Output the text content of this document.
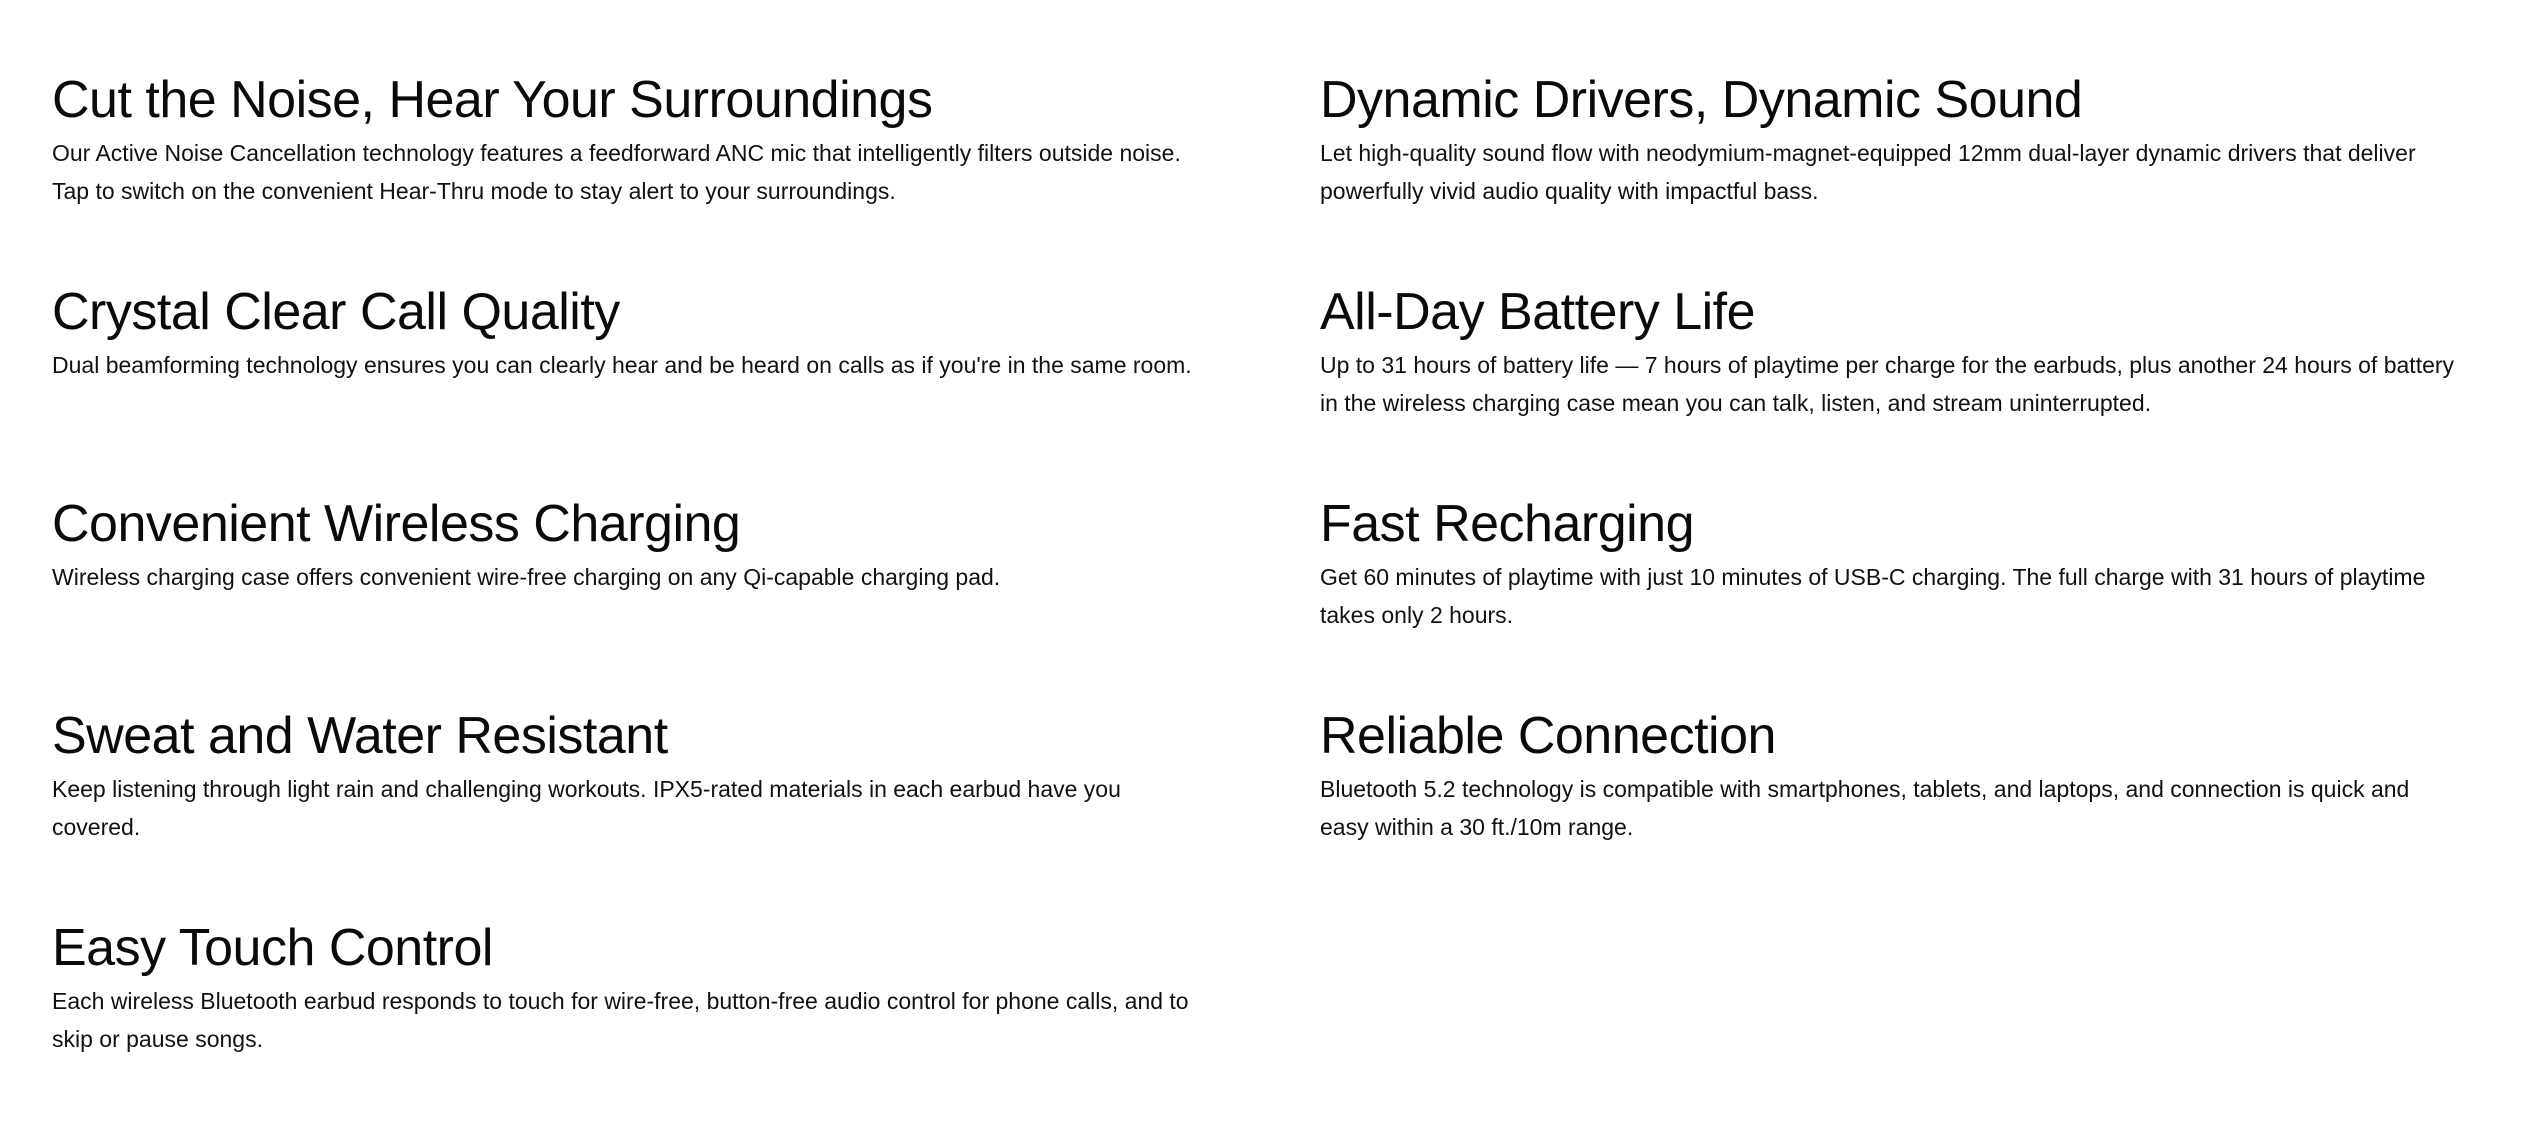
Cut the Noise, Hear Your Surroundings

Our Active Noise Cancellation technology features a feedforward ANC mic that intelligently filters outside noise. Tap to switch on the convenient Hear-Thru mode to stay alert to your surroundings.

Dynamic Drivers, Dynamic Sound

Let high-quality sound flow with neodymium-magnet-equipped 12mm dual-layer dynamic drivers that deliver powerfully vivid audio quality with impactful bass.

Crystal Clear Call Quality

Dual beamforming technology ensures you can clearly hear and be heard on calls as if you're in the same room.

All-Day Battery Life

Up to 31 hours of battery life — 7 hours of playtime per charge for the earbuds, plus another 24 hours of battery in the wireless charging case mean you can talk, listen, and stream uninterrupted.

Convenient Wireless Charging

Wireless charging case offers convenient wire-free charging on any Qi-capable charging pad.

Fast Recharging

Get 60 minutes of playtime with just 10 minutes of USB-C charging. The full charge with 31 hours of playtime takes only 2 hours.

Sweat and Water Resistant

Keep listening through light rain and challenging workouts. IPX5-rated materials in each earbud have you covered.

Reliable Connection

Bluetooth 5.2 technology is compatible with smartphones, tablets, and laptops, and connection is quick and easy within a 30 ft./10m range.

Easy Touch Control

Each wireless Bluetooth earbud responds to touch for wire-free, button-free audio control for phone calls, and to skip or pause songs.
